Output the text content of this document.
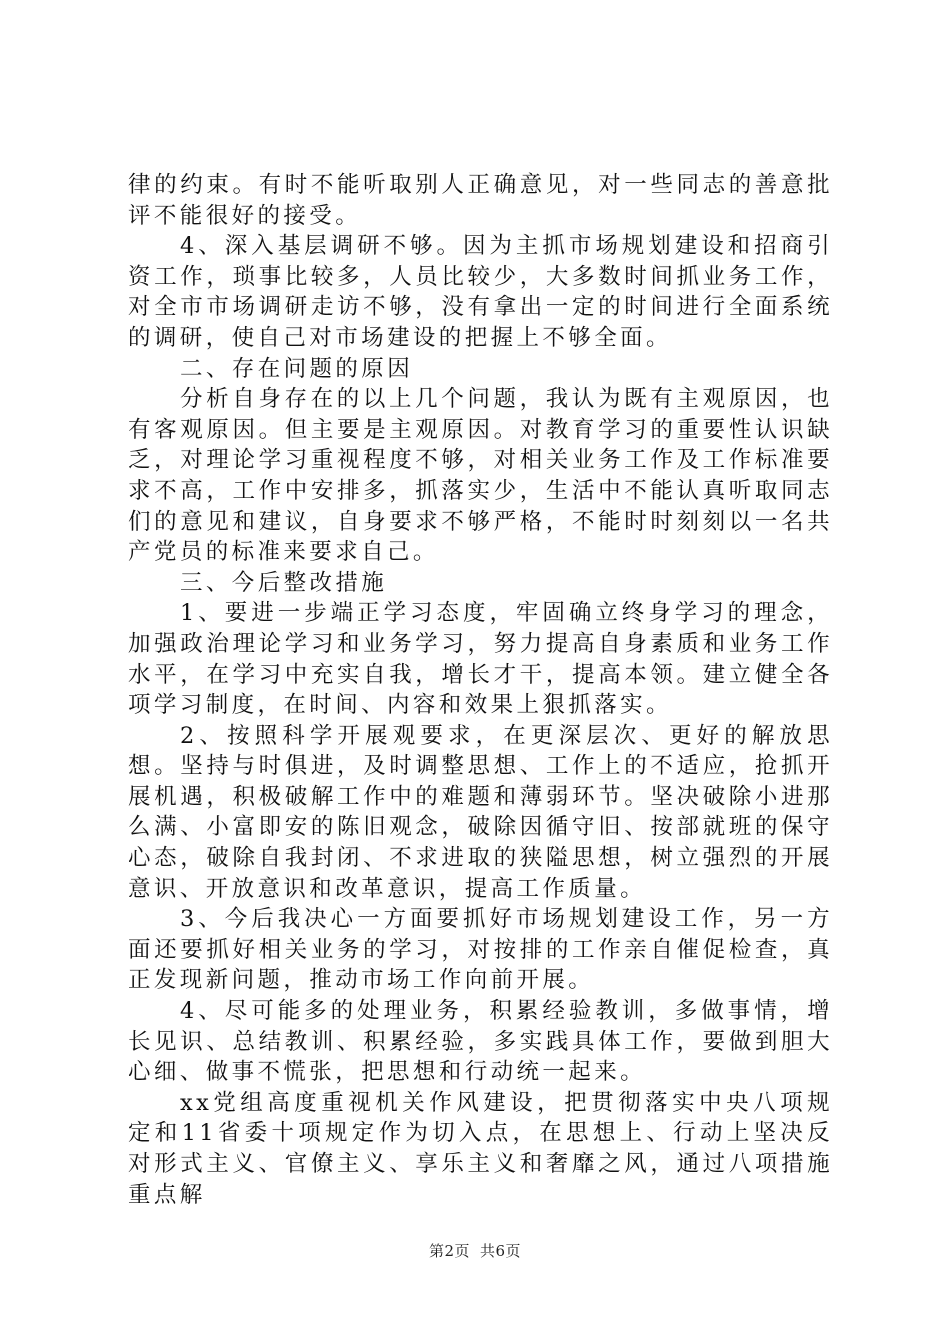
律的约束。有时不能听取别人正确意见，对一些同志的善意批评不能很好的接受。

4、深入基层调研不够。因为主抓市场规划建设和招商引资工作，琐事比较多，人员比较少，大多数时间抓业务工作，对全市市场调研走访不够，没有拿出一定的时间进行全面系统的调研，使自己对市场建设的把握上不够全面。

二、存在问题的原因

分析自身存在的以上几个问题，我认为既有主观原因，也有客观原因。但主要是主观原因。对教育学习的重要性认识缺乏，对理论学习重视程度不够，对相关业务工作及工作标准要求不高，工作中安排多，抓落实少，生活中不能认真听取同志们的意见和建议，自身要求不够严格，不能时时刻刻以一名共产党员的标准来要求自己。

三、今后整改措施

1、要进一步端正学习态度，牢固确立终身学习的理念，加强政治理论学习和业务学习，努力提高自身素质和业务工作水平，在学习中充实自我，增长才干，提高本领。建立健全各项学习制度，在时间、内容和效果上狠抓落实。

2、按照科学开展观要求，在更深层次、更好的解放思想。坚持与时俱进，及时调整思想、工作上的不适应，抢抓开展机遇，积极破解工作中的难题和薄弱环节。坚决破除小进那么满、小富即安的陈旧观念，破除因循守旧、按部就班的保守心态，破除自我封闭、不求进取的狭隘思想，树立强烈的开展意识、开放意识和改革意识，提高工作质量。

3、今后我决心一方面要抓好市场规划建设工作，另一方面还要抓好相关业务的学习，对按排的工作亲自催促检查，真正发现新问题，推动市场工作向前开展。

4、尽可能多的处理业务，积累经验教训，多做事情，增长见识、总结教训、积累经验，多实践具体工作，要做到胆大心细、做事不慌张，把思想和行动统一起来。

xx党组高度重视机关作风建设，把贯彻落实中央八项规定和11省委十项规定作为切入点，在思想上、行动上坚决反对形式主义、官僚主义、享乐主义和奢靡之风，通过八项措施重点解

第2页 共6页
